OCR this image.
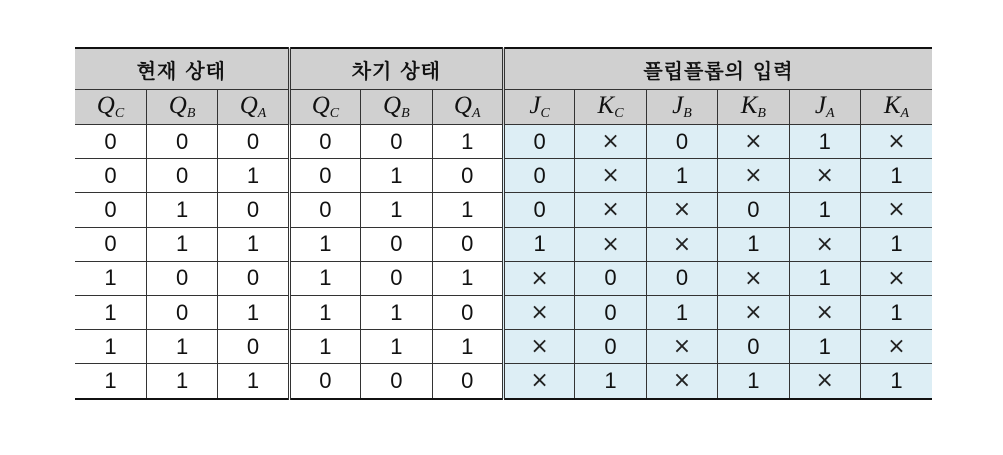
현재 상태			차기 상태			플립플롭의 입력					
$Q_C$	$Q_B$	$Q_A$	$Q_C$	$Q_B$	$Q_A$	$J_C$	$K_C$	$J_B$	$K_B$	$J_A$	$K_A$
0	0	0	0	0	1	0	×	0	×	1	×
0	0	1	0	1	0	0	×	1	×	×	1
0	1	0	0	1	1	0	×	×	0	1	×
0	1	1	1	0	0	1	×	×	1	×	1
1	0	0	1	0	1	×	0	0	×	1	×
1	0	1	1	1	0	×	0	1	×	×	1
1	1	0	1	1	1	×	0	×	0	1	×
1	1	1	0	0	0	×	1	×	1	×	1
